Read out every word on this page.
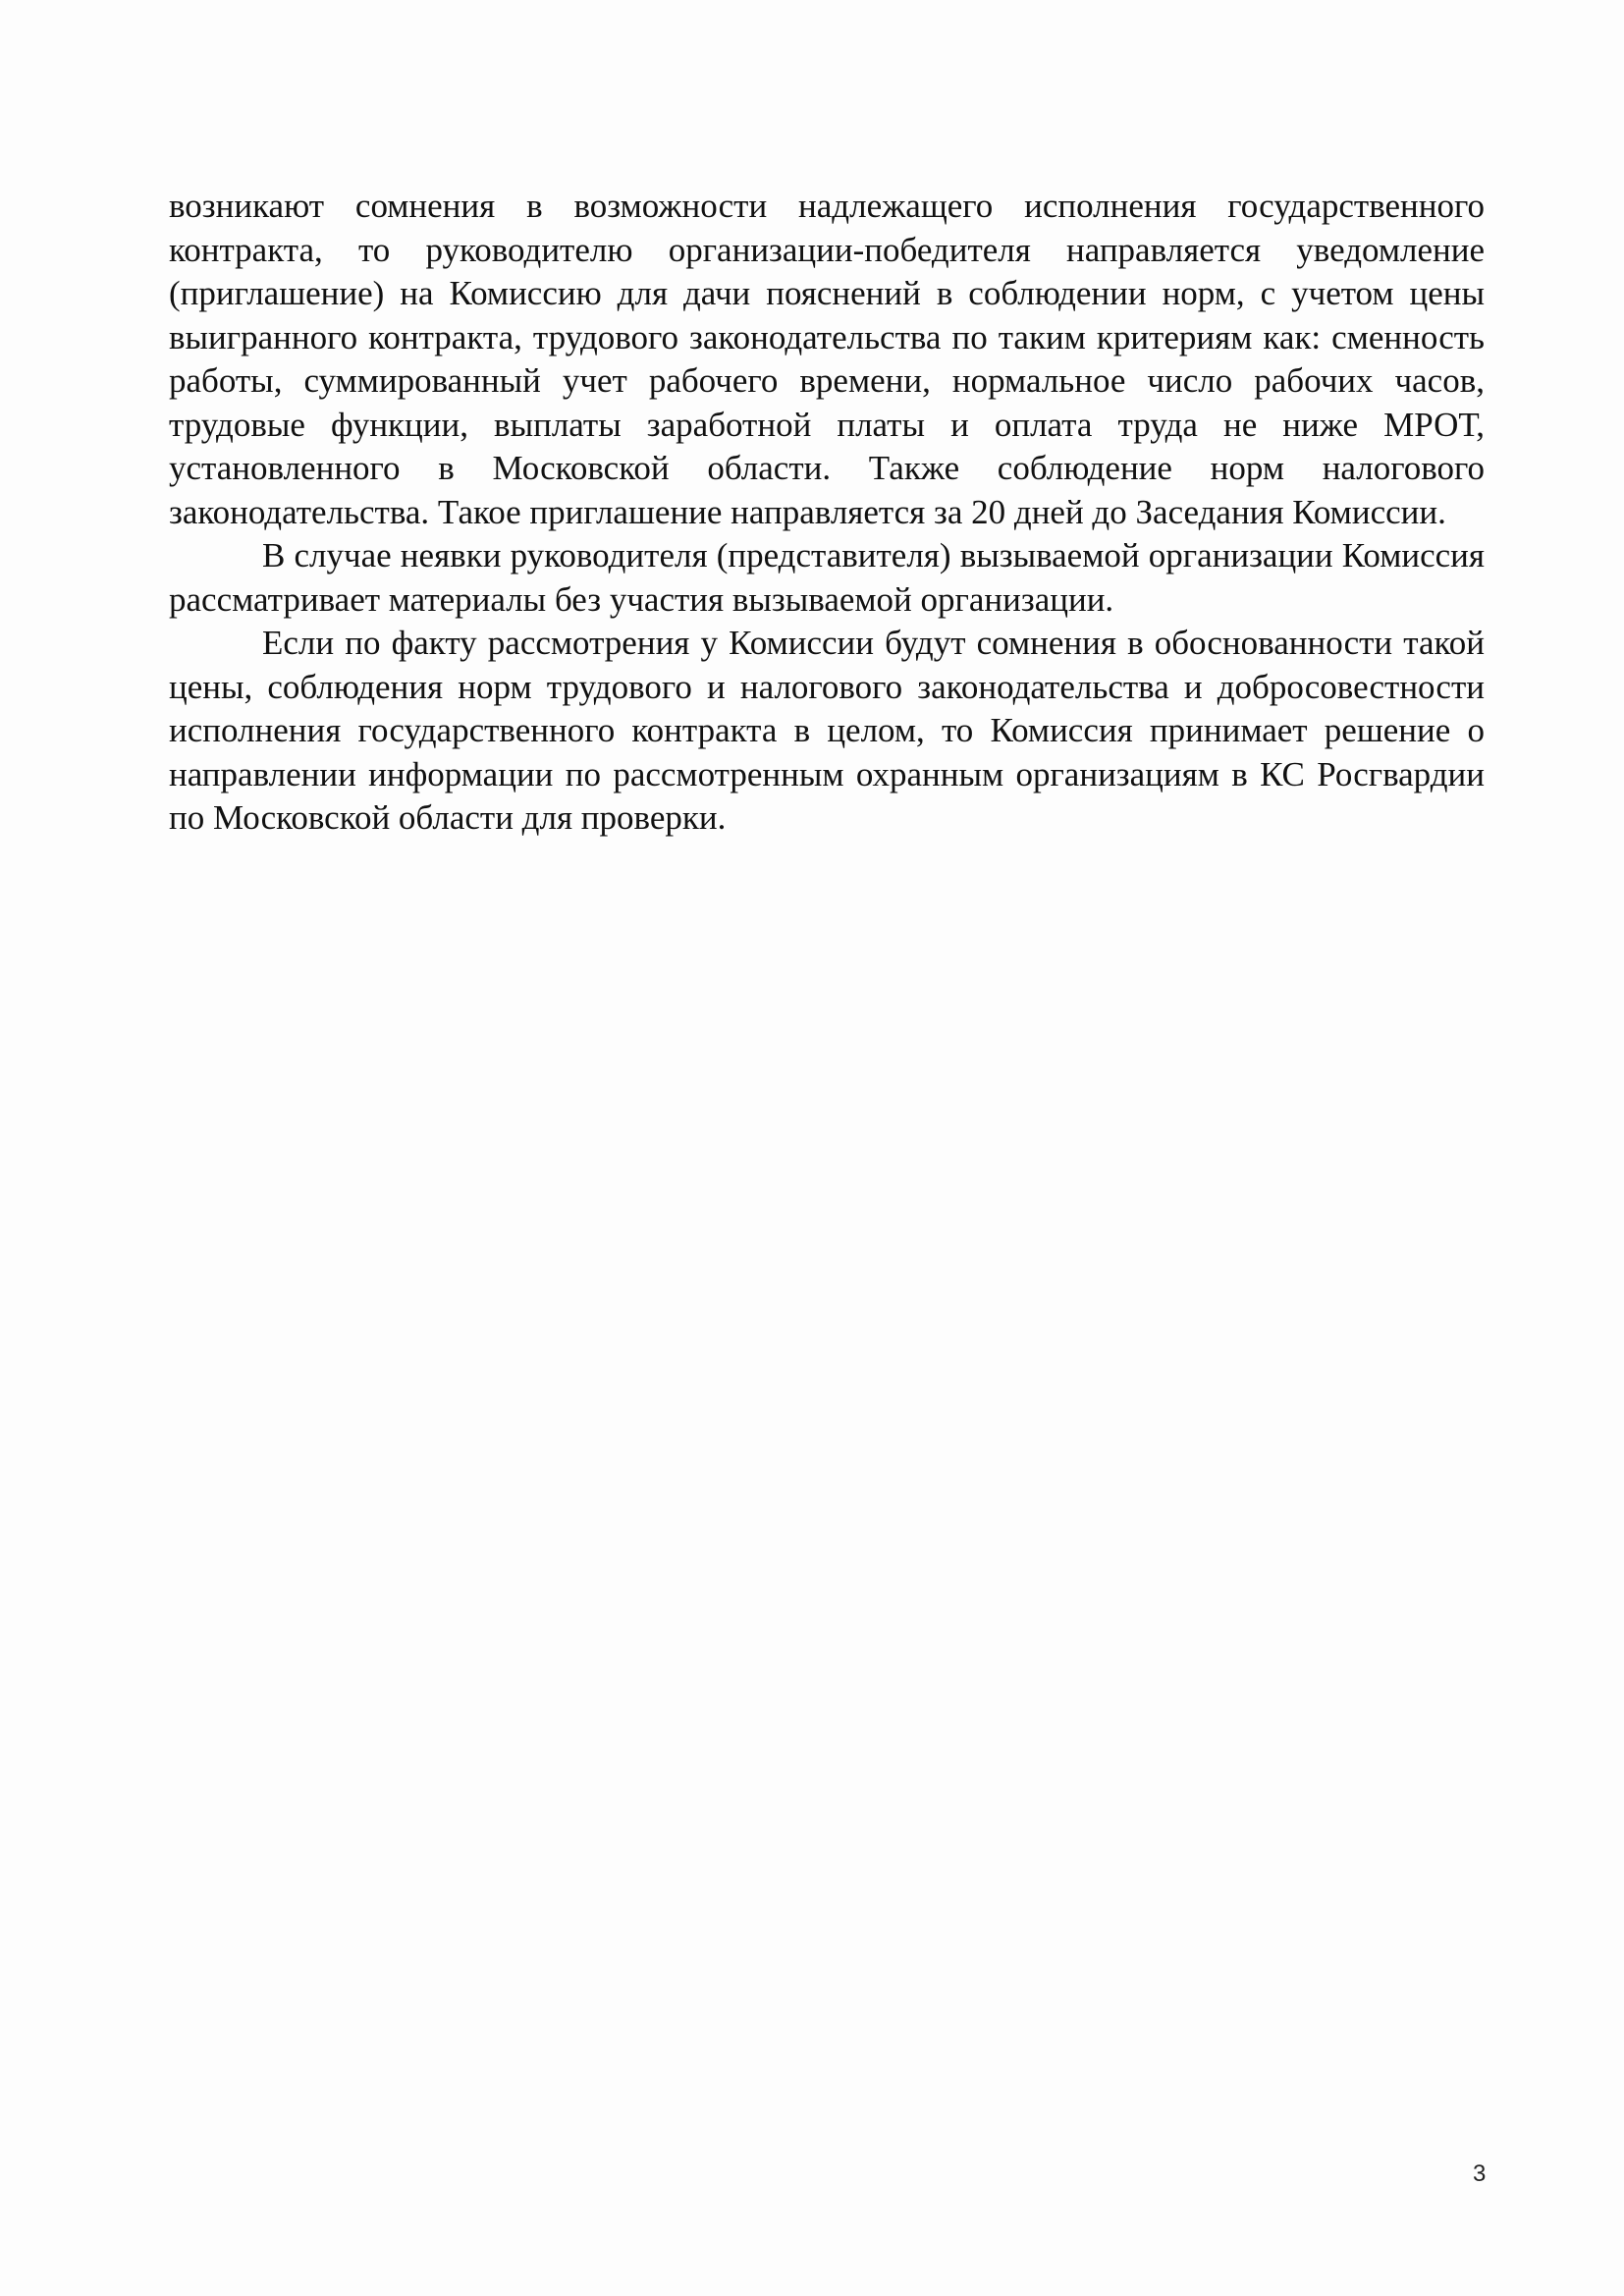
возникают сомнения в возможности надлежащего исполнения государственного контракта, то руководителю организации-победителя направляется уведомление (приглашение) на Комиссию для дачи пояснений в соблюдении норм, с учетом цены выигранного контракта, трудового законодательства по таким критериям как: сменность работы, суммированный учет рабочего времени, нормальное число рабочих часов, трудовые функции, выплаты заработной платы и оплата труда не ниже МРОТ, установленного в Московской области. Также соблюдение норм налогового законодательства. Такое приглашение направляется за 20 дней до Заседания Комиссии.

В случае неявки руководителя (представителя) вызываемой организации Комиссия рассматривает материалы без участия вызываемой организации.

Если по факту рассмотрения у Комиссии будут сомнения в обоснованности такой цены, соблюдения норм трудового и налогового законодательства и добросовестности исполнения государственного контракта в целом, то Комиссия принимает решение о направлении информации по рассмотренным охранным организациям в КС Росгвардии по Московской области для проверки.

3
